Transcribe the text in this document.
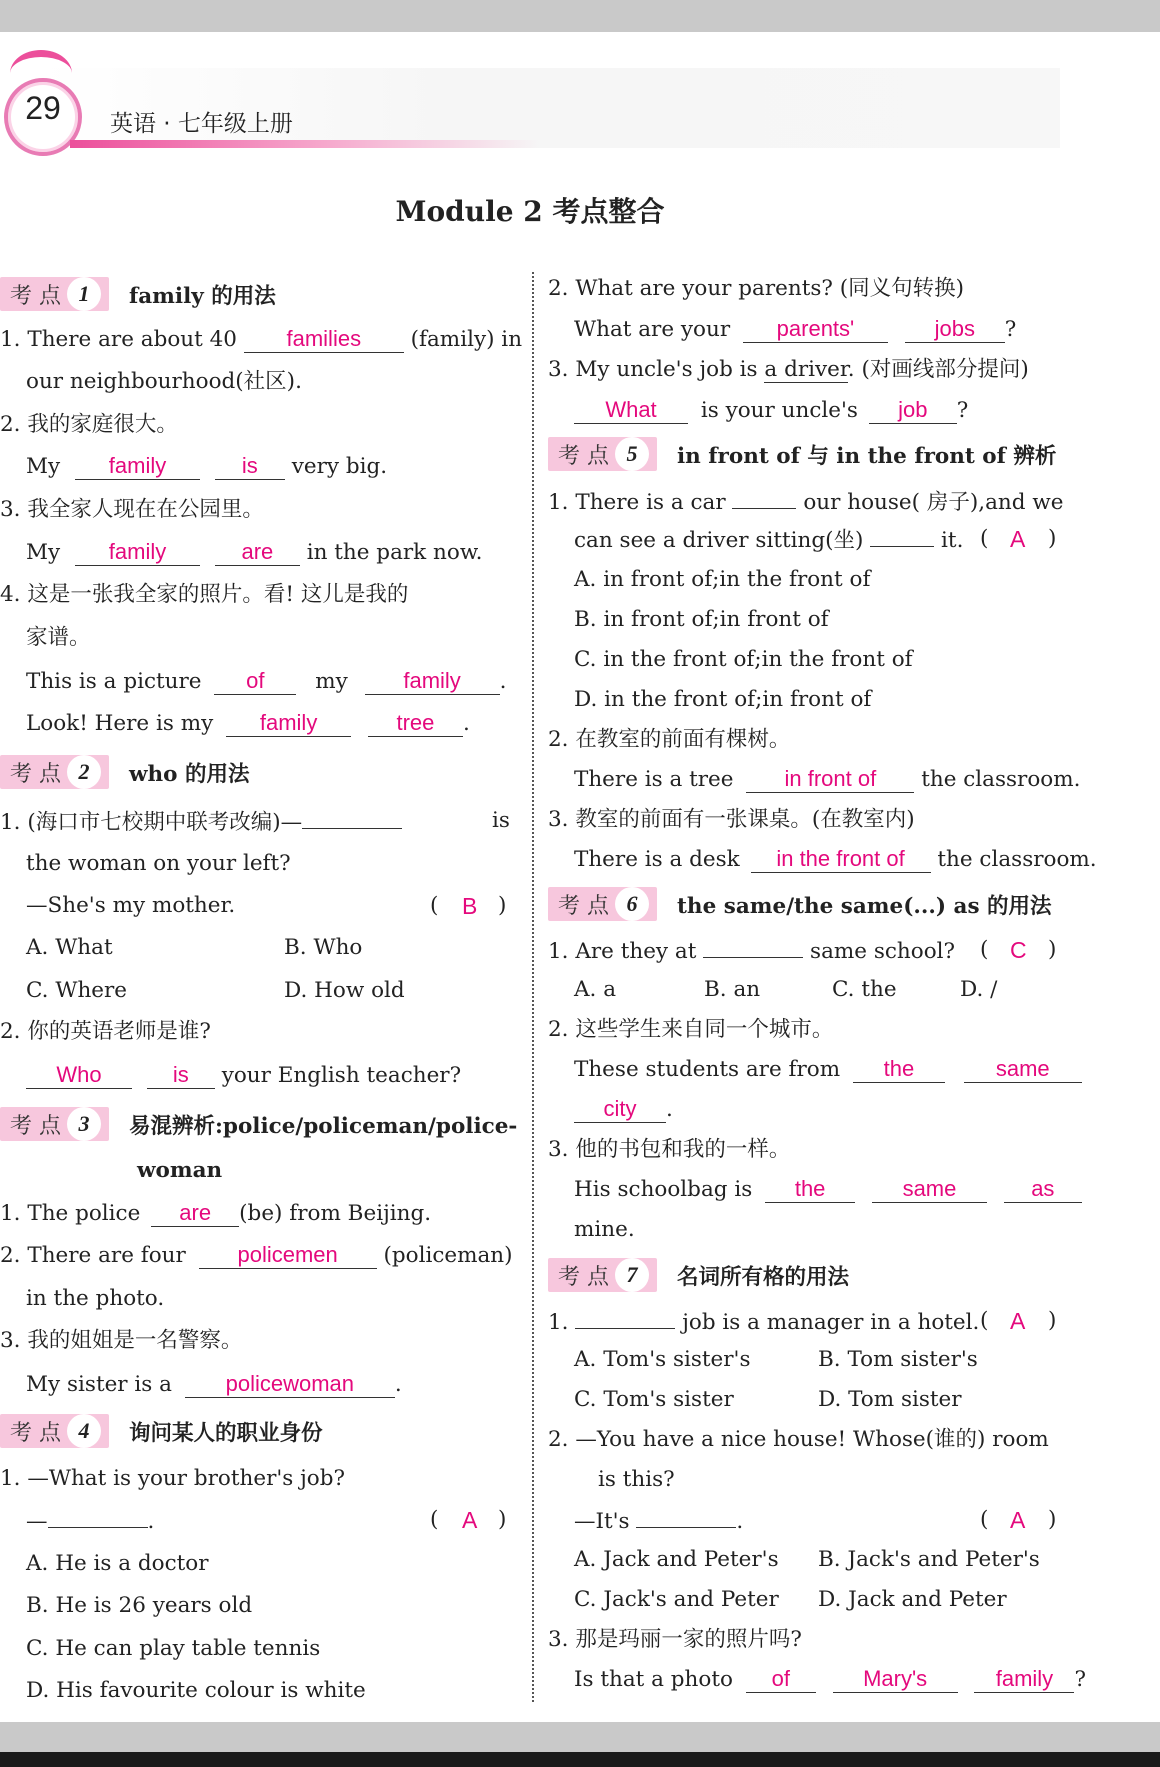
29	英语 · 七年级上册
Module 2 考点整合
考 点 1	family 的用法
1. There are about 40 families (family) in
our neighbourhood(社区).
2. 我的家庭很大。
My family	is very big.
3. 我全家人现在在公园里。
My family	are in the park now.
4. 这是一张我全家的照片。看! 这儿是我的
家谱。
This is a picture of my	family .
Look! Here is my family	tree .
考 点 2	who 的用法
1. (海口市七校期中联考改编)—	is
the woman on your left?
—She's my mother.	( B )
A. What	B. Who
C. Where	D. How old
2. 你的英语老师是谁?
Who	is your English teacher?
考 点 3	易混辨析:police/policeman/police-
woman
1. The police are (be) from Beijing.
2. There are four policemen (policeman)
in the photo.
3. 我的姐姐是一名警察。
My sister is a policewoman .
考 点 4	询问某人的职业身份
1. —What is your brother's job?
—	.	( A )
A. He is a doctor
B. He is 26 years old
C. He can play table tennis
D. His favourite colour is white
2. What are your parents? (同义句转换)
What are your parents'	jobs ?
3. My uncle's job is a driver. (对画线部分提问)
What is your uncle's job ?
考 点 5	in front of 与 in the front of 辨析
1. There is a car	our house( 房子),and we
can see a driver sitting(坐)	it. ( A )
A. in front of;in the front of
B. in front of;in front of
C. in the front of;in the front of
D. in the front of;in front of
2. 在教室的前面有棵树。
There is a tree in front of the classroom.
3. 教室的前面有一张课桌。(在教室内)
There is a desk in the front of the classroom.
考 点 6	the same/the same(...) as 的用法
1. Are they at	same school? ( C )
A. a	B. an	C. the	D. /
2. 这些学生来自同一个城市。
These students are from the	same
city .
3. 他的书包和我的一样。
His schoolbag is the	same	as
mine.
考 点 7	名词所有格的用法
1.	job is a manager in a hotel. ( A )
A. Tom's sister's	B. Tom sister's
C. Tom's sister	D. Tom sister
2. —You have a nice house! Whose(谁的) room
is this?
—It's	.	( A )
A. Jack and Peter's B. Jack's and Peter's
C. Jack's and Peter D. Jack and Peter
3. 那是玛丽一家的照片吗?
Is that a photo of	Mary's	family ?
